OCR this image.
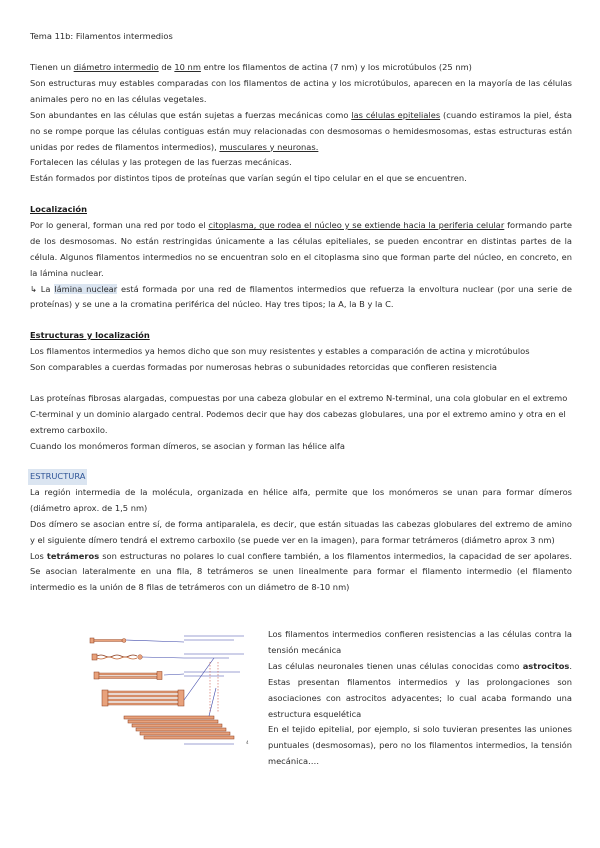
Tema 11b: Filamentos intermedios

Tienen un diámetro intermedio de 10 nm entre los filamentos de actina (7 nm) y los microtúbulos (25 nm)

Son estructuras muy estables comparadas con los filamentos de actina y los microtúbulos, aparecen en la mayoría de las células animales pero no en las células vegetales.

Son abundantes en las células que están sujetas a fuerzas mecánicas como las células epiteliales (cuando estiramos la piel, ésta no se rompe porque las células contiguas están muy relacionadas con desmosomas o hemidesmosomas, estas estructuras están unidas por redes de filamentos intermedios), musculares y neuronas.

Fortalecen las células y las protegen de las fuerzas mecánicas.

Están formados por distintos tipos de proteínas que varían según el tipo celular en el que se encuentren.

Localización

Por lo general, forman una red por todo el citoplasma, que rodea el núcleo y se extiende hacia la periferia celular formando parte de los desmosomas. No están restringidas únicamente a las células epiteliales, se pueden encontrar en distintas partes de la célula. Algunos filamentos intermedios no se encuentran solo en el citoplasma sino que forman parte del núcleo, en concreto, en la lámina nuclear.

↳ La lámina nuclear está formada por una red de filamentos intermedios que refuerza la envoltura nuclear (por una serie de proteínas) y se une a la cromatina periférica del núcleo. Hay tres tipos; la A, la B y la C.

Estructuras y localización

Los filamentos intermedios ya hemos dicho que son muy resistentes y estables a comparación de actina y microtúbulos

Son comparables a cuerdas formadas por numerosas hebras o subunidades retorcidas que confieren resistencia

Las proteínas fibrosas alargadas, compuestas por una cabeza globular en el extremo N-terminal, una cola globular en el extremo C-terminal y un dominio alargado central. Podemos decir que hay dos cabezas globulares, una por el extremo amino y otra en el extremo carboxilo.

Cuando los monómeros forman dímeros, se asocian y forman las hélice alfa

ESTRUCTURA

La región intermedia de la molécula, organizada en hélice alfa, permite que los monómeros se unan para formar dímeros (diámetro aprox. de 1,5 nm)

Dos dímero se asocian entre sí, de forma antiparalela, es decir, que están situadas las cabezas globulares del extremo de amino y el siguiente dímero tendrá el extremo carboxilo (se puede ver en la imagen), para formar tetrámeros (diámetro aprox 3 nm)

Los tetrámeros son estructuras no polares lo cual confiere también, a los filamentos intermedios, la capacidad de ser apolares. Se asocian lateralmente en una fila, 8 tetrámeros se unen linealmente para formar el filamento intermedio (el filamento intermedio es la unión de 8 filas de tetrámeros con un diámetro de 8-10 nm)

4

Los filamentos intermedios confieren resistencias a las células contra la tensión mecánica

Las células neuronales tienen unas células conocidas como astrocitos. Estas presentan filamentos intermedios y las prolongaciones son asociaciones con astrocitos adyacentes; lo cual acaba formando una estructura esquelética

En el tejido epitelial, por ejemplo, si solo tuvieran presentes las uniones puntuales (desmosomas), pero no los filamentos intermedios, la tensión mecánica….
